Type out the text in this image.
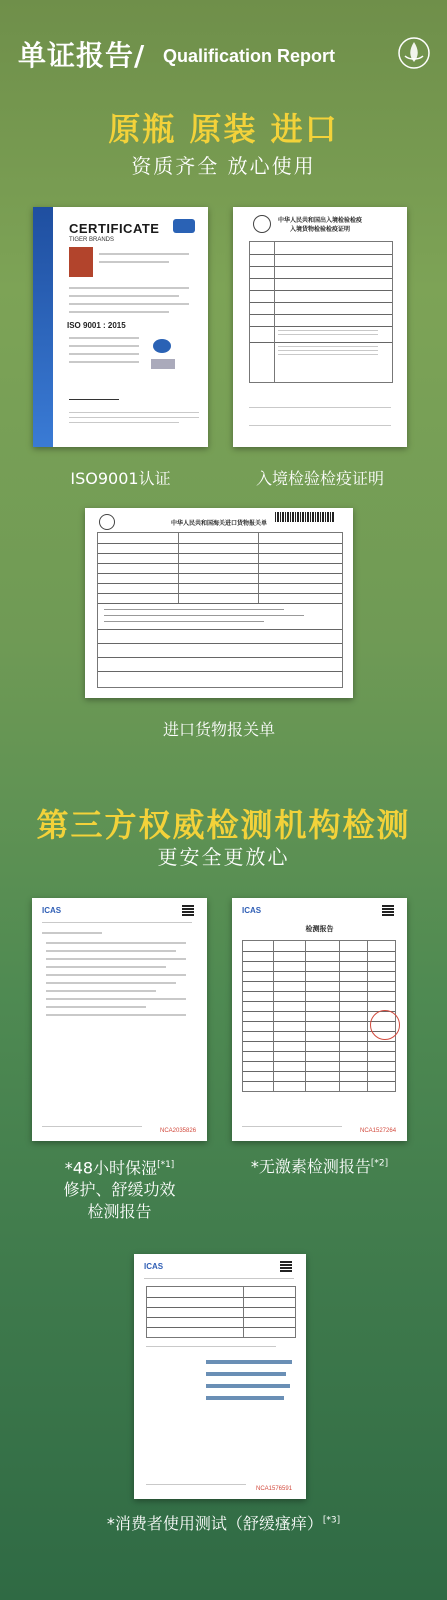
单证报告/ Qualification Report
原瓶 原装 进口
资质齐全 放心使用
CERTIFICATE
TIGER BRANDS
ISO 9001 : 2015
ISO9001认证
中华人民共和国出入境检验检疫
入境货物检验检疫证明
入境检验检疫证明
中华人民共和国海关进口货物报关单
进口货物报关单
第三方权威检测机构检测
更安全更放心
ICAS
NCA2035826
*48小时保湿[*1]
修护、舒缓功效
检测报告
ICAS
检测报告
NCA1527264
*无激素检测报告[*2]
ICAS
NCA1576591
*消费者使用测试（舒缓瘙痒）[*3]
